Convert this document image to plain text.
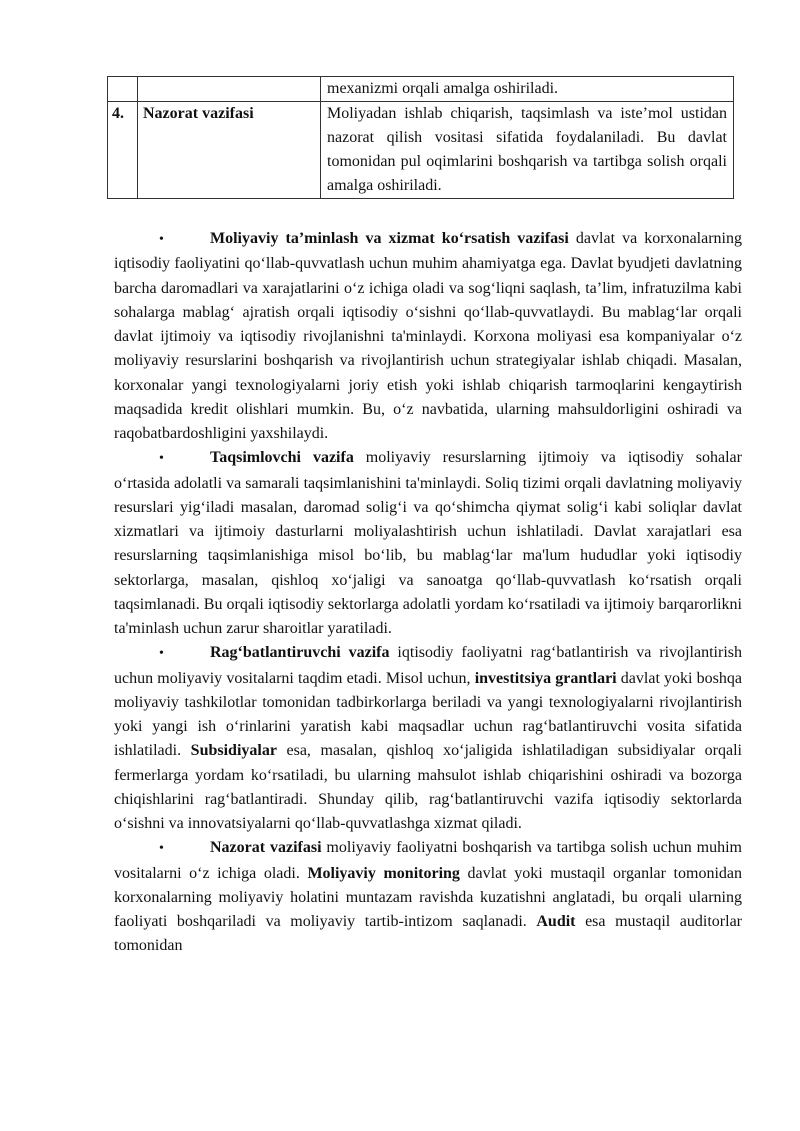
		mexanizmi orqali amalga oshiriladi.
4.	Nazorat vazifasi	Moliyadan ishlab chiqarish, taqsimlash va iste’mol ustidan nazorat qilish vositasi sifatida foydalaniladi. Bu davlat tomonidan pul oqimlarini boshqarish va tartibga solish orqali amalga oshiriladi.

•	Moliyaviy ta’minlash va xizmat ko‘rsatish vazifasi davlat va korxonalarning iqtisodiy faoliyatini qo‘llab-quvvatlash uchun muhim ahamiyatga ega. Davlat byudjeti davlatning barcha daromadlari va xarajatlarini o‘z ichiga oladi va sog‘liqni saqlash, ta’lim, infratuzilma kabi sohalarga mablag‘ ajratish orqali iqtisodiy o‘sishni qo‘llab-quvvatlaydi. Bu mablag‘lar orqali davlat ijtimoiy va iqtisodiy rivojlanishni ta'minlaydi. Korxona moliyasi esa kompaniyalar o‘z moliyaviy resurslarini boshqarish va rivojlantirish uchun strategiyalar ishlab chiqadi. Masalan, korxonalar yangi texnologiyalarni joriy etish yoki ishlab chiqarish tarmoqlarini kengaytirish maqsadida kredit olishlari mumkin. Bu, o‘z navbatida, ularning mahsuldorligini oshiradi va raqobatbardoshligini yaxshilaydi.

•	Taqsimlovchi vazifa moliyaviy resurslarning ijtimoiy va iqtisodiy sohalar o‘rtasida adolatli va samarali taqsimlanishini ta'minlaydi. Soliq tizimi orqali davlatning moliyaviy resurslari yig‘iladi masalan, daromad solig‘i va qo‘shimcha qiymat solig‘i kabi soliqlar davlat xizmatlari va ijtimoiy dasturlarni moliyalashtirish uchun ishlatiladi. Davlat xarajatlari esa resurslarning taqsimlanishiga misol bo‘lib, bu mablag‘lar ma'lum hududlar yoki iqtisodiy sektorlarga, masalan, qishloq xo‘jaligi va sanoatga qo‘llab-quvvatlash ko‘rsatish orqali taqsimlanadi. Bu orqali iqtisodiy sektorlarga adolatli yordam ko‘rsatiladi va ijtimoiy barqarorlikni ta'minlash uchun zarur sharoitlar yaratiladi.

•	Rag‘batlantiruvchi vazifa iqtisodiy faoliyatni rag‘batlantirish va rivojlantirish uchun moliyaviy vositalarni taqdim etadi. Misol uchun, investitsiya grantlari davlat yoki boshqa moliyaviy tashkilotlar tomonidan tadbirkorlarga beriladi va yangi texnologiyalarni rivojlantirish yoki yangi ish o‘rinlarini yaratish kabi maqsadlar uchun rag‘batlantiruvchi vosita sifatida ishlatiladi. Subsidiyalar esa, masalan, qishloq xo‘jaligida ishlatiladigan subsidiyalar orqali fermerlarga yordam ko‘rsatiladi, bu ularning mahsulot ishlab chiqarishini oshiradi va bozorga chiqishlarini rag‘batlantiradi. Shunday qilib, rag‘batlantiruvchi vazifa iqtisodiy sektorlarda o‘sishni va innovatsiyalarni qo‘llab-quvvatlashga xizmat qiladi.

•	Nazorat vazifasi moliyaviy faoliyatni boshqarish va tartibga solish uchun muhim vositalarni o‘z ichiga oladi. Moliyaviy monitoring davlat yoki mustaqil organlar tomonidan korxonalarning moliyaviy holatini muntazam ravishda kuzatishni anglatadi, bu orqali ularning faoliyati boshqariladi va moliyaviy tartib-intizom saqlanadi. Audit esa mustaqil auditorlar tomonidan
